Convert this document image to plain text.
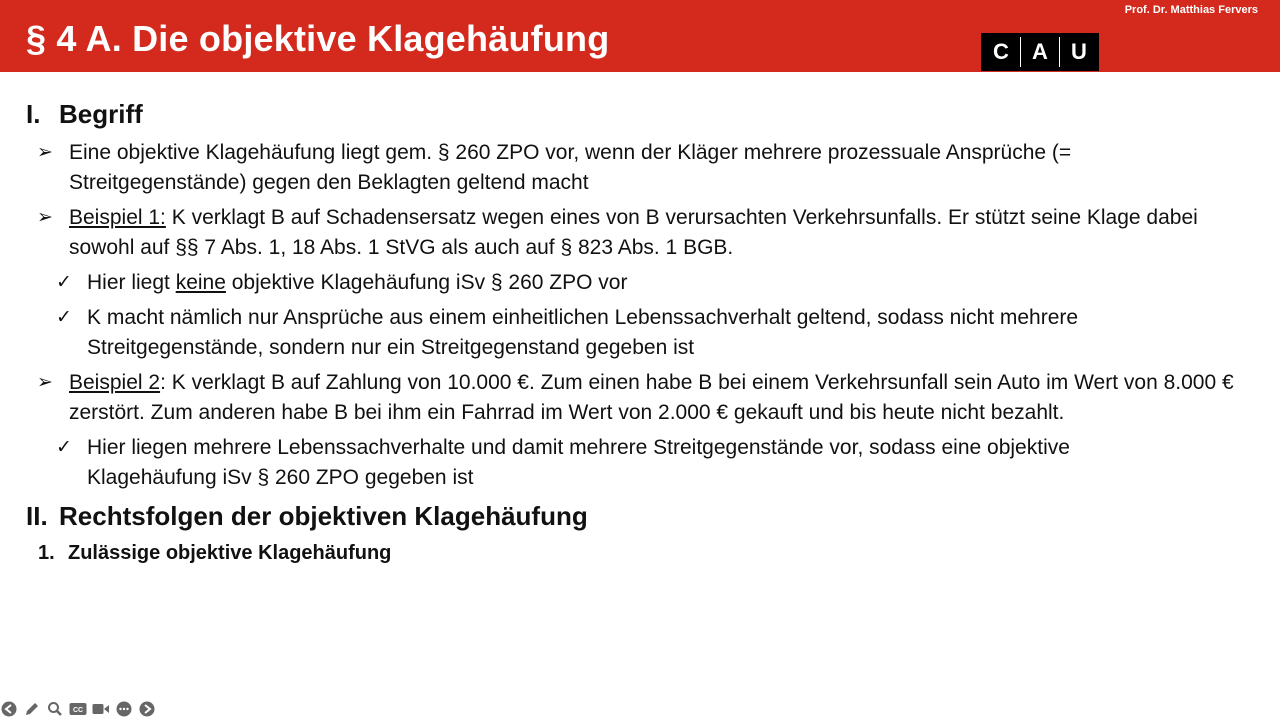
§ 4 A. Die objektive Klagehäufung
Prof. Dr. Matthias Fervers
C A U
I. Begriff
➢ Eine objektive Klagehäufung liegt gem. § 260 ZPO vor, wenn der Kläger mehrere prozessuale Ansprüche (= Streitgegenstände) gegen den Beklagten geltend macht
➢ Beispiel 1: K verklagt B auf Schadensersatz wegen eines von B verursachten Verkehrsunfalls. Er stützt seine Klage dabei sowohl auf §§ 7 Abs. 1, 18 Abs. 1 StVG als auch auf § 823 Abs. 1 BGB.
✓ Hier liegt keine objektive Klagehäufung iSv § 260 ZPO vor
✓ K macht nämlich nur Ansprüche aus einem einheitlichen Lebenssachverhalt geltend, sodass nicht mehrere Streitgegenstände, sondern nur ein Streitgegenstand gegeben ist
➢ Beispiel 2: K verklagt B auf Zahlung von 10.000 €. Zum einen habe B bei einem Verkehrsunfall sein Auto im Wert von 8.000 € zerstört. Zum anderen habe B bei ihm ein Fahrrad im Wert von 2.000 € gekauft und bis heute nicht bezahlt.
✓ Hier liegen mehrere Lebenssachverhalte und damit mehrere Streitgegenstände vor, sodass eine objektive Klagehäufung iSv § 260 ZPO gegeben ist
II. Rechtsfolgen der objektiven Klagehäufung
1. Zulässige objektive Klagehäufung
CC
